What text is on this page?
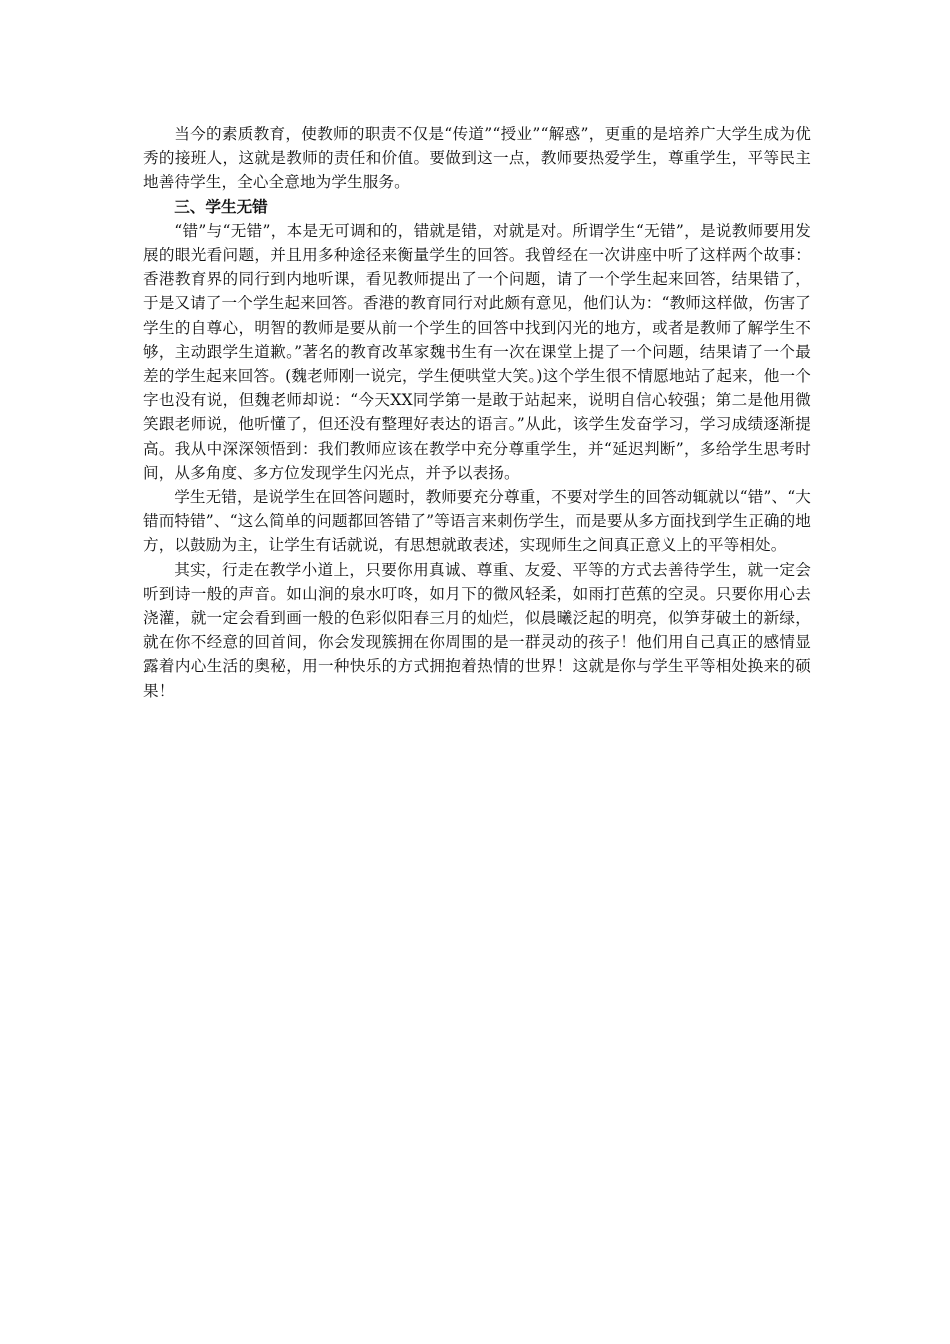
当今的素质教育，使教师的职责不仅是“传道”“授业”“解惑”，更重的是培养广大学生成为优秀的接班人，这就是教师的责任和价值。要做到这一点，教师要热爱学生，尊重学生，平等民主地善待学生，全心全意地为学生服务。

三、学生无错

“错”与“无错”，本是无可调和的，错就是错，对就是对。所谓学生“无错”，是说教师要用发展的眼光看问题，并且用多种途径来衡量学生的回答。我曾经在一次讲座中听了这样两个故事：香港教育界的同行到内地听课，看见教师提出了一个问题，请了一个学生起来回答，结果错了，于是又请了一个学生起来回答。香港的教育同行对此颇有意见，他们认为：“教师这样做，伤害了学生的自尊心，明智的教师是要从前一个学生的回答中找到闪光的地方，或者是教师了解学生不够，主动跟学生道歉。”著名的教育改革家魏书生有一次在课堂上提了一个问题，结果请了一个最差的学生起来回答。(魏老师刚一说完，学生便哄堂大笑。)这个学生很不情愿地站了起来，他一个字也没有说，但魏老师却说：“今天XX同学第一是敢于站起来，说明自信心较强；第二是他用微笑跟老师说，他听懂了，但还没有整理好表达的语言。”从此，该学生发奋学习，学习成绩逐渐提高。我从中深深领悟到：我们教师应该在教学中充分尊重学生，并“延迟判断”，多给学生思考时间，从多角度、多方位发现学生闪光点，并予以表扬。

学生无错，是说学生在回答问题时，教师要充分尊重，不要对学生的回答动辄就以“错”、“大错而特错”、“这么简单的问题都回答错了”等语言来刺伤学生，而是要从多方面找到学生正确的地方，以鼓励为主，让学生有话就说，有思想就敢表述，实现师生之间真正意义上的平等相处。

其实，行走在教学小道上，只要你用真诚、尊重、友爱、平等的方式去善待学生，就一定会听到诗一般的声音。如山涧的泉水叮咚，如月下的微风轻柔，如雨打芭蕉的空灵。只要你用心去浇灌，就一定会看到画一般的色彩似阳春三月的灿烂，似晨曦泛起的明亮，似笋芽破土的新绿，就在你不经意的回首间，你会发现簇拥在你周围的是一群灵动的孩子！他们用自己真正的感情显露着内心生活的奥秘，用一种快乐的方式拥抱着热情的世界！这就是你与学生平等相处换来的硕果！
